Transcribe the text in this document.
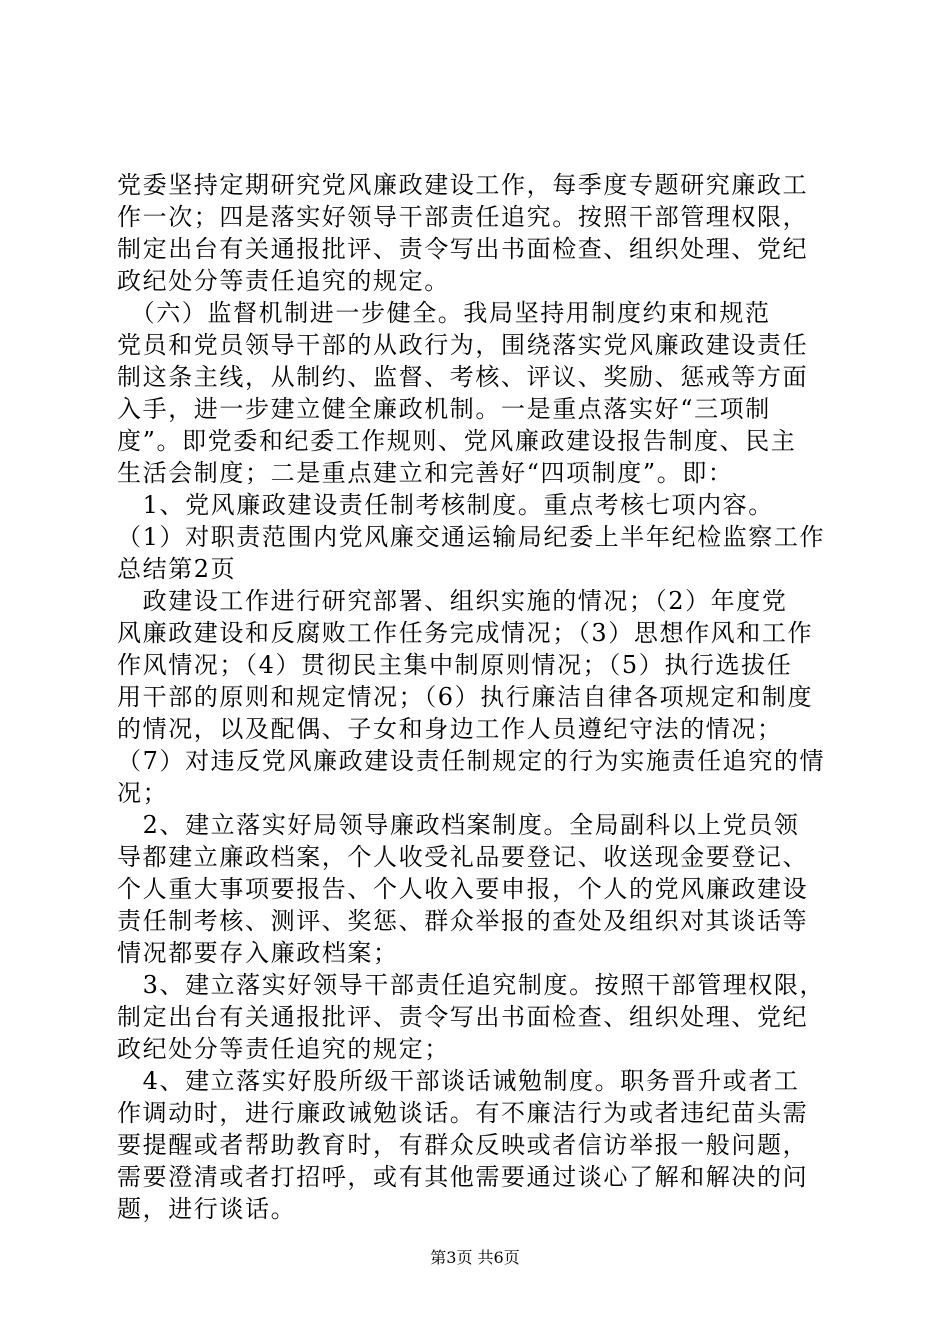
党委坚持定期研究党风廉政建设工作，每季度专题研究廉政工
作一次；四是落实好领导干部责任追究。按照干部管理权限，
制定出台有关通报批评、责令写出书面检查、组织处理、党纪
政纪处分等责任追究的规定。
　（六）监督机制进一步健全。我局坚持用制度约束和规范
党员和党员领导干部的从政行为，围绕落实党风廉政建设责任
制这条主线，从制约、监督、考核、评议、奖励、惩戒等方面
入手，进一步建立健全廉政机制。一是重点落实好“三项制
度”。即党委和纪委工作规则、党风廉政建设报告制度、民主
生活会制度；二是重点建立和完善好“四项制度”。即：
　1、党风廉政建设责任制考核制度。重点考核七项内容。
（1）对职责范围内党风廉交通运输局纪委上半年纪检监察工作
总结第2页
　政建设工作进行研究部署、组织实施的情况；（2）年度党
风廉政建设和反腐败工作任务完成情况；（3）思想作风和工作
作风情况；（4）贯彻民主集中制原则情况；（5）执行选拔任
用干部的原则和规定情况；（6）执行廉洁自律各项规定和制度
的情况，以及配偶、子女和身边工作人员遵纪守法的情况；
（7）对违反党风廉政建设责任制规定的行为实施责任追究的情
况；
　2、建立落实好局领导廉政档案制度。全局副科以上党员领
导都建立廉政档案，个人收受礼品要登记、收送现金要登记、
个人重大事项要报告、个人收入要申报，个人的党风廉政建设
责任制考核、测评、奖惩、群众举报的查处及组织对其谈话等
情况都要存入廉政档案；
　3、建立落实好领导干部责任追究制度。按照干部管理权限，
制定出台有关通报批评、责令写出书面检查、组织处理、党纪
政纪处分等责任追究的规定；
　4、建立落实好股所级干部谈话诫勉制度。职务晋升或者工
作调动时，进行廉政诫勉谈话。有不廉洁行为或者违纪苗头需
要提醒或者帮助教育时，有群众反映或者信访举报一般问题，
需要澄清或者打招呼，或有其他需要通过谈心了解和解决的问
题，进行谈话。
第3页 共6页
